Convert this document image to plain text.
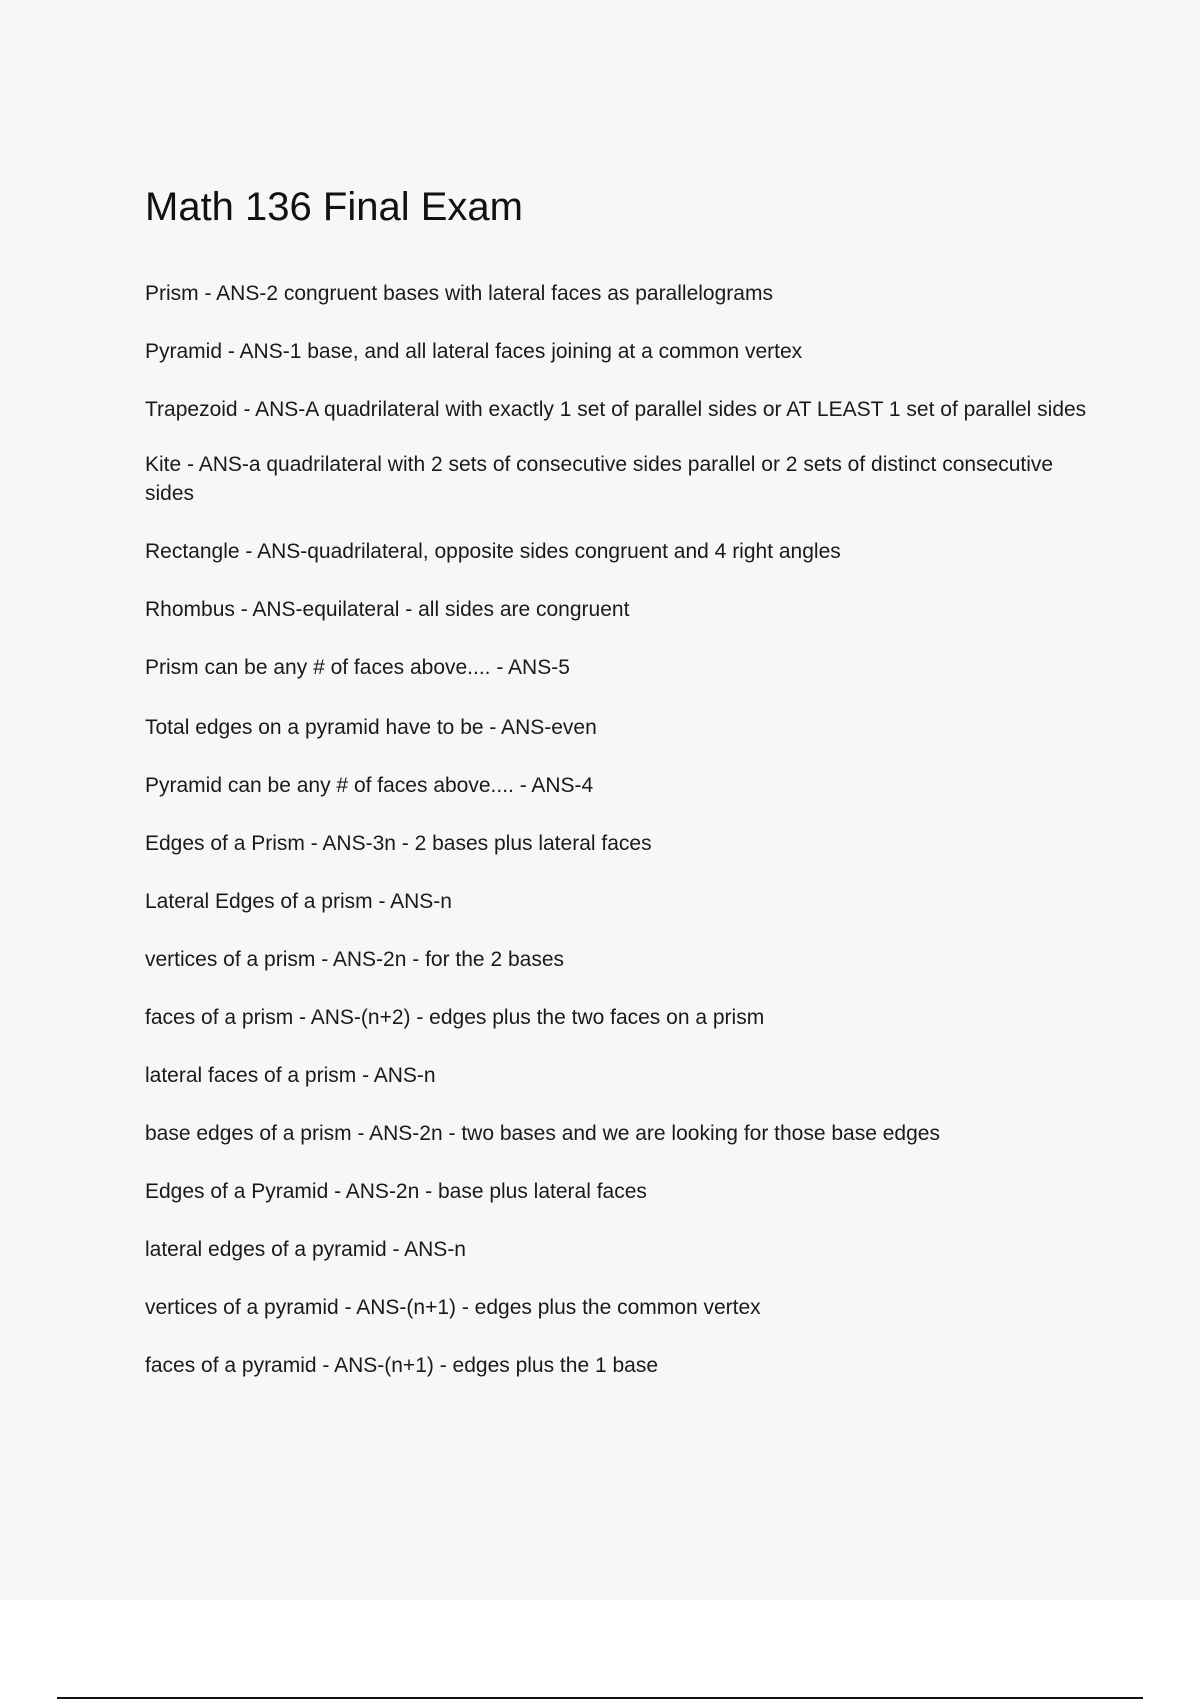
Math 136 Final Exam
Prism - ANS-2 congruent bases with lateral faces as parallelograms
Pyramid - ANS-1 base, and all lateral faces joining at a common vertex
Trapezoid - ANS-A quadrilateral with exactly 1 set of parallel sides or AT LEAST 1 set of parallel sides
Kite - ANS-a quadrilateral with 2 sets of consecutive sides parallel or 2 sets of distinct consecutive sides
Rectangle - ANS-quadrilateral, opposite sides congruent and 4 right angles
Rhombus - ANS-equilateral - all sides are congruent
Prism can be any # of faces above.... - ANS-5
Total edges on a pyramid have to be - ANS-even
Pyramid can be any # of faces above.... - ANS-4
Edges of a Prism - ANS-3n - 2 bases plus lateral faces
Lateral Edges of a prism - ANS-n
vertices of a prism - ANS-2n - for the 2 bases
faces of a prism - ANS-(n+2) - edges plus the two faces on a prism
lateral faces of a prism - ANS-n
base edges of a prism - ANS-2n - two bases and we are looking for those base edges
Edges of a Pyramid - ANS-2n - base plus lateral faces
lateral edges of a pyramid - ANS-n
vertices of a pyramid - ANS-(n+1) - edges plus the common vertex
faces of a pyramid - ANS-(n+1) - edges plus the 1 base
